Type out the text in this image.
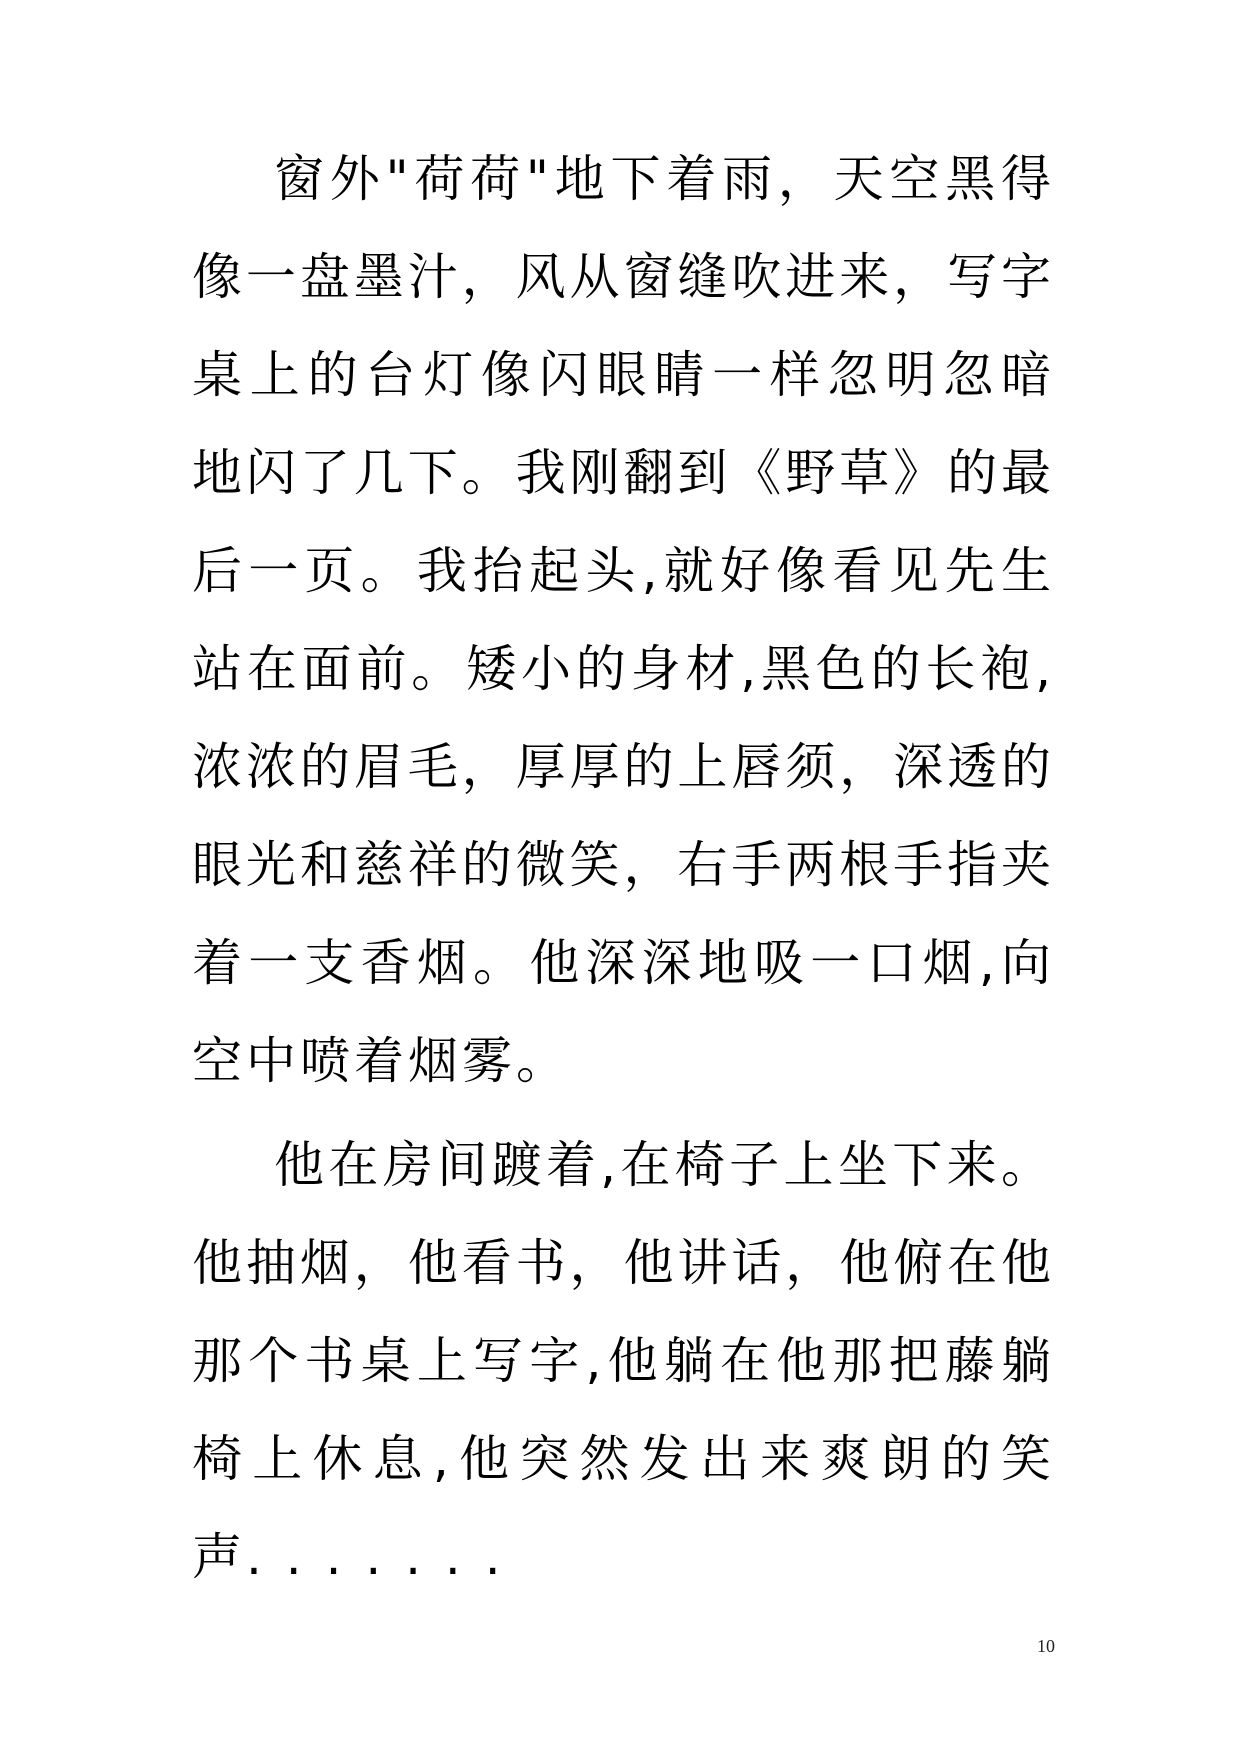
窗外"荷荷"地下着雨，天空黑得
像一盘墨汁，风从窗缝吹进来，写字
桌上的台灯像闪眼睛一样忽明忽暗
地闪了几下。我刚翻到《野草》的最
后一页。我抬起头,就好像看见先生
站在面前。矮小的身材,黑色的长袍,
浓浓的眉毛，厚厚的上唇须，深透的
眼光和慈祥的微笑，右手两根手指夹
着一支香烟。他深深地吸一口烟,向
空中喷着烟雾。
他在房间踱着,在椅子上坐下来。
他抽烟，他看书，他讲话，他俯在他
那个书桌上写字,他躺在他那把藤躺
椅上休息,他突然发出来爽朗的笑
声. . . . . . .
10
